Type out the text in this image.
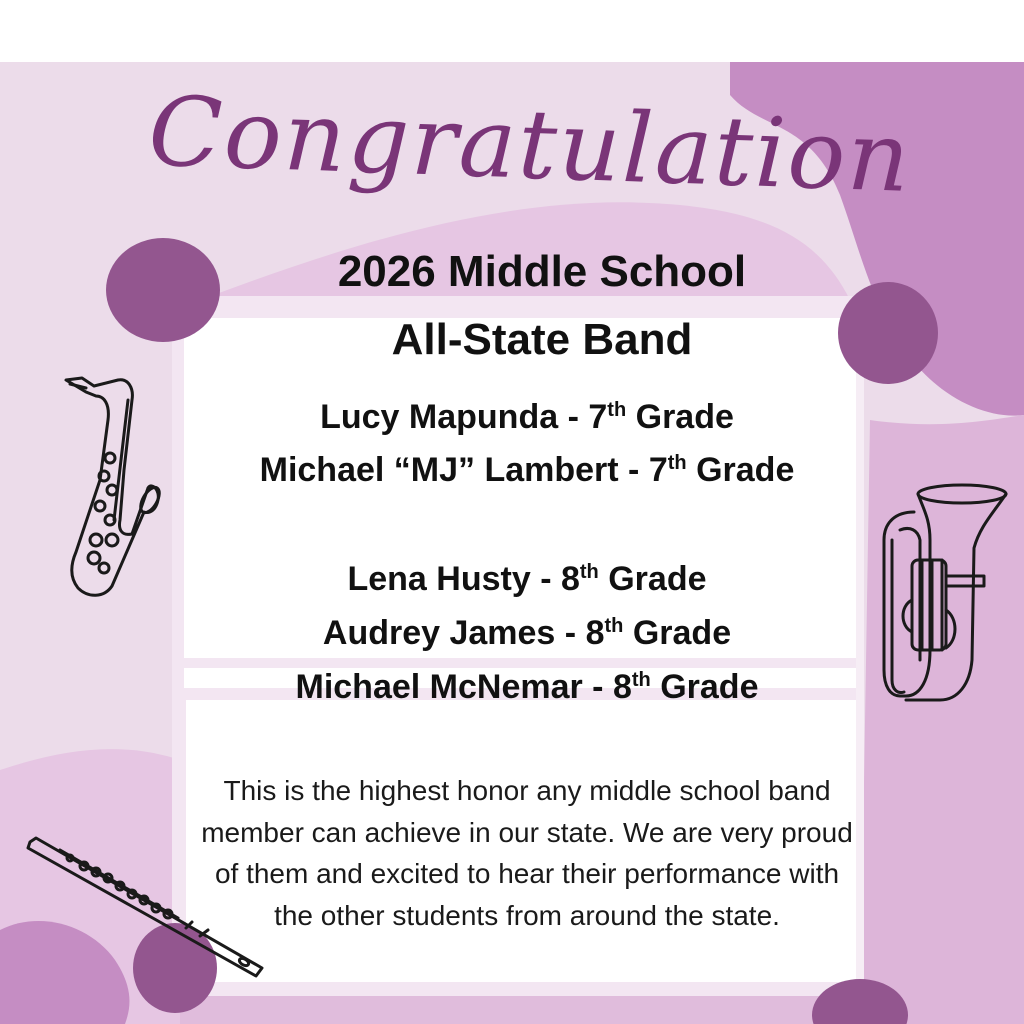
Congratulation
2026 Middle School
All-State Band
Lucy Mapunda - 7th Grade
Michael “MJ” Lambert - 7th Grade
Lena Husty - 8th Grade
Audrey James - 8th Grade
Michael McNemar - 8th Grade
This is the highest honor any middle school band member can achieve in our state. We are very proud of them and excited to hear their performance with the other students from around the state.
